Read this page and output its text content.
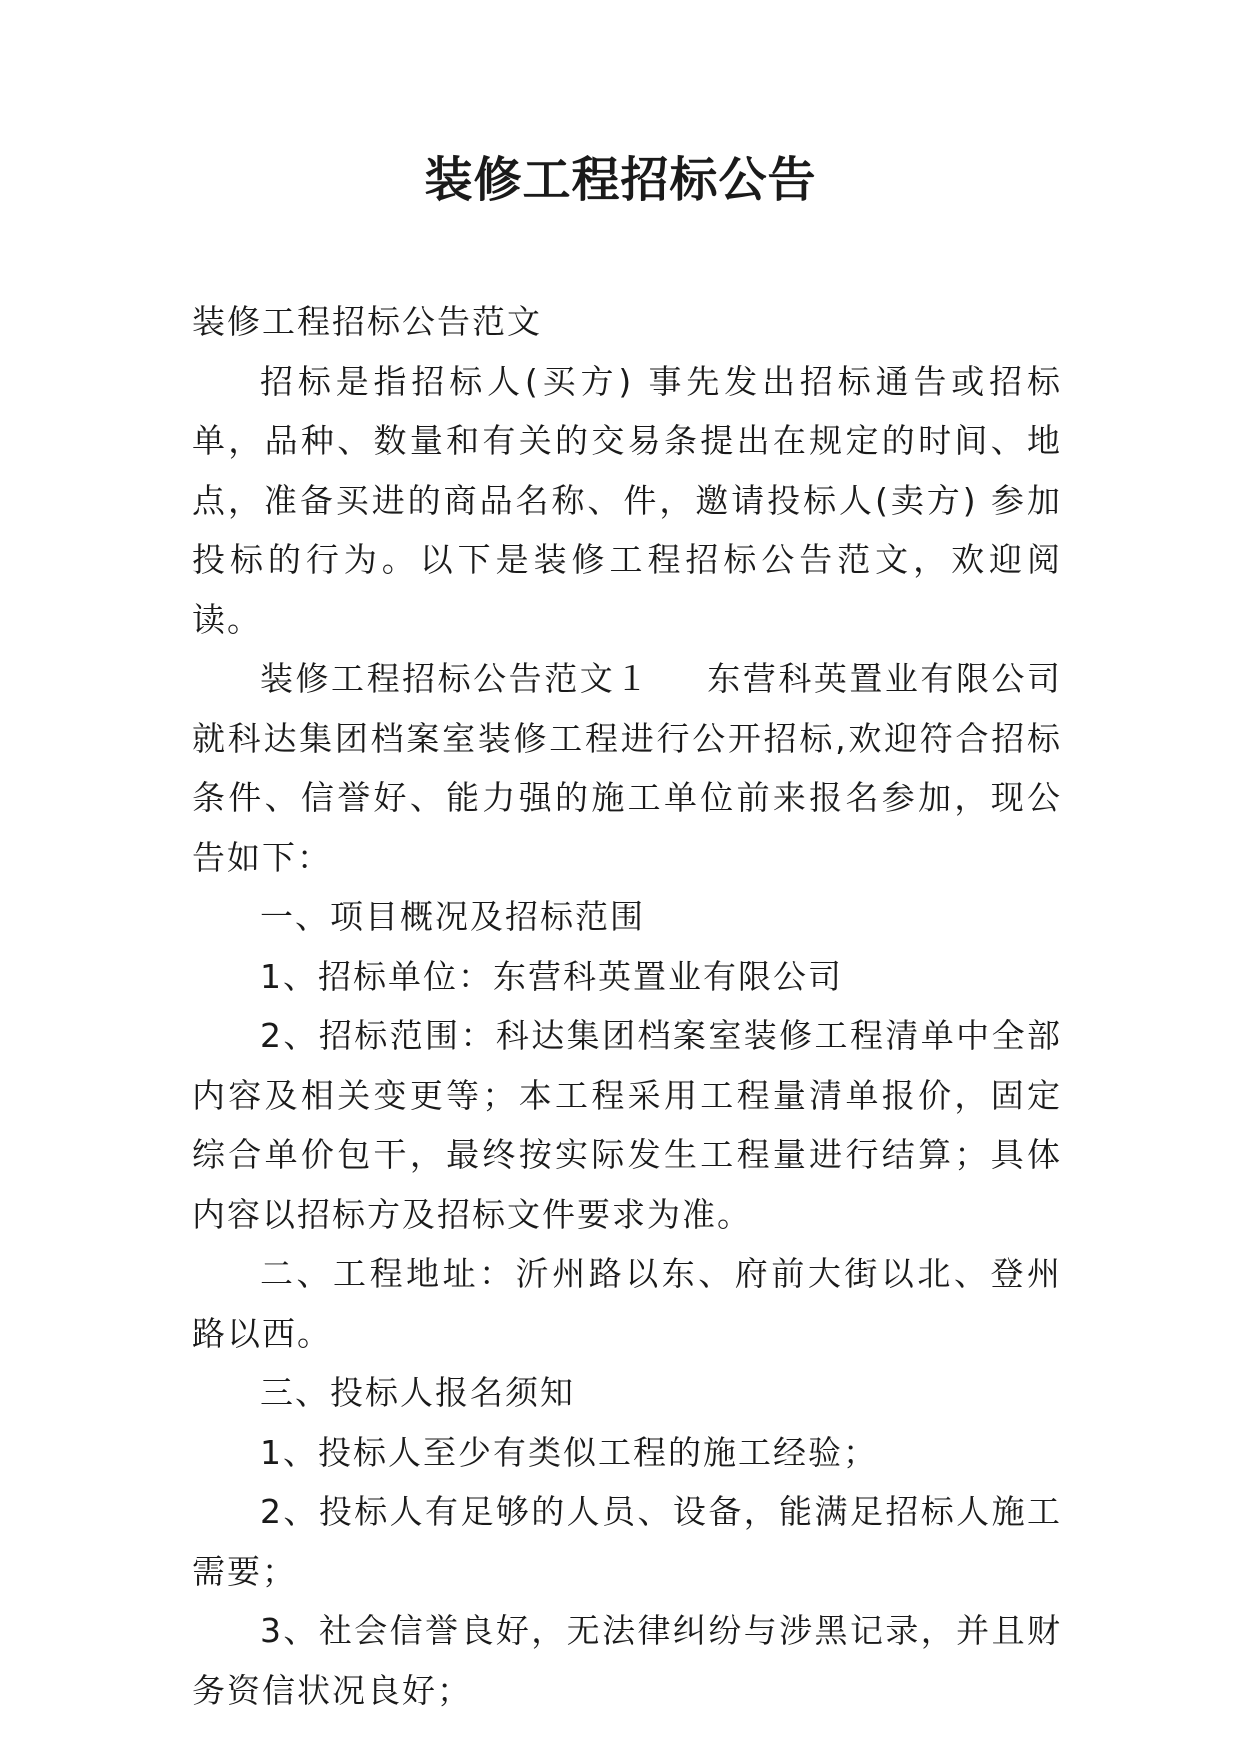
装修工程招标公告

装修工程招标公告范文

招标是指招标人(买方) 事先发出招标通告或招标单，品种、数量和有关的交易条提出在规定的时间、地点，准备买进的商品名称、件，邀请投标人(卖方) 参加投标的行为。以下是装修工程招标公告范文，欢迎阅读。

装修工程招标公告范文１ 东营科英置业有限公司就科达集团档案室装修工程进行公开招标,欢迎符合招标条件、信誉好、能力强的施工单位前来报名参加，现公告如下：

一、项目概况及招标范围

1、招标单位：东营科英置业有限公司

2、招标范围：科达集团档案室装修工程清单中全部内容及相关变更等；本工程采用工程量清单报价，固定综合单价包干，最终按实际发生工程量进行结算；具体内容以招标方及招标文件要求为准。

二、工程地址：沂州路以东、府前大街以北、登州路以西。

三、投标人报名须知

1、投标人至少有类似工程的施工经验；

2、投标人有足够的人员、设备，能满足招标人施工需要；

3、社会信誉良好，无法律纠纷与涉黑记录，并且财务资信状况良好；
